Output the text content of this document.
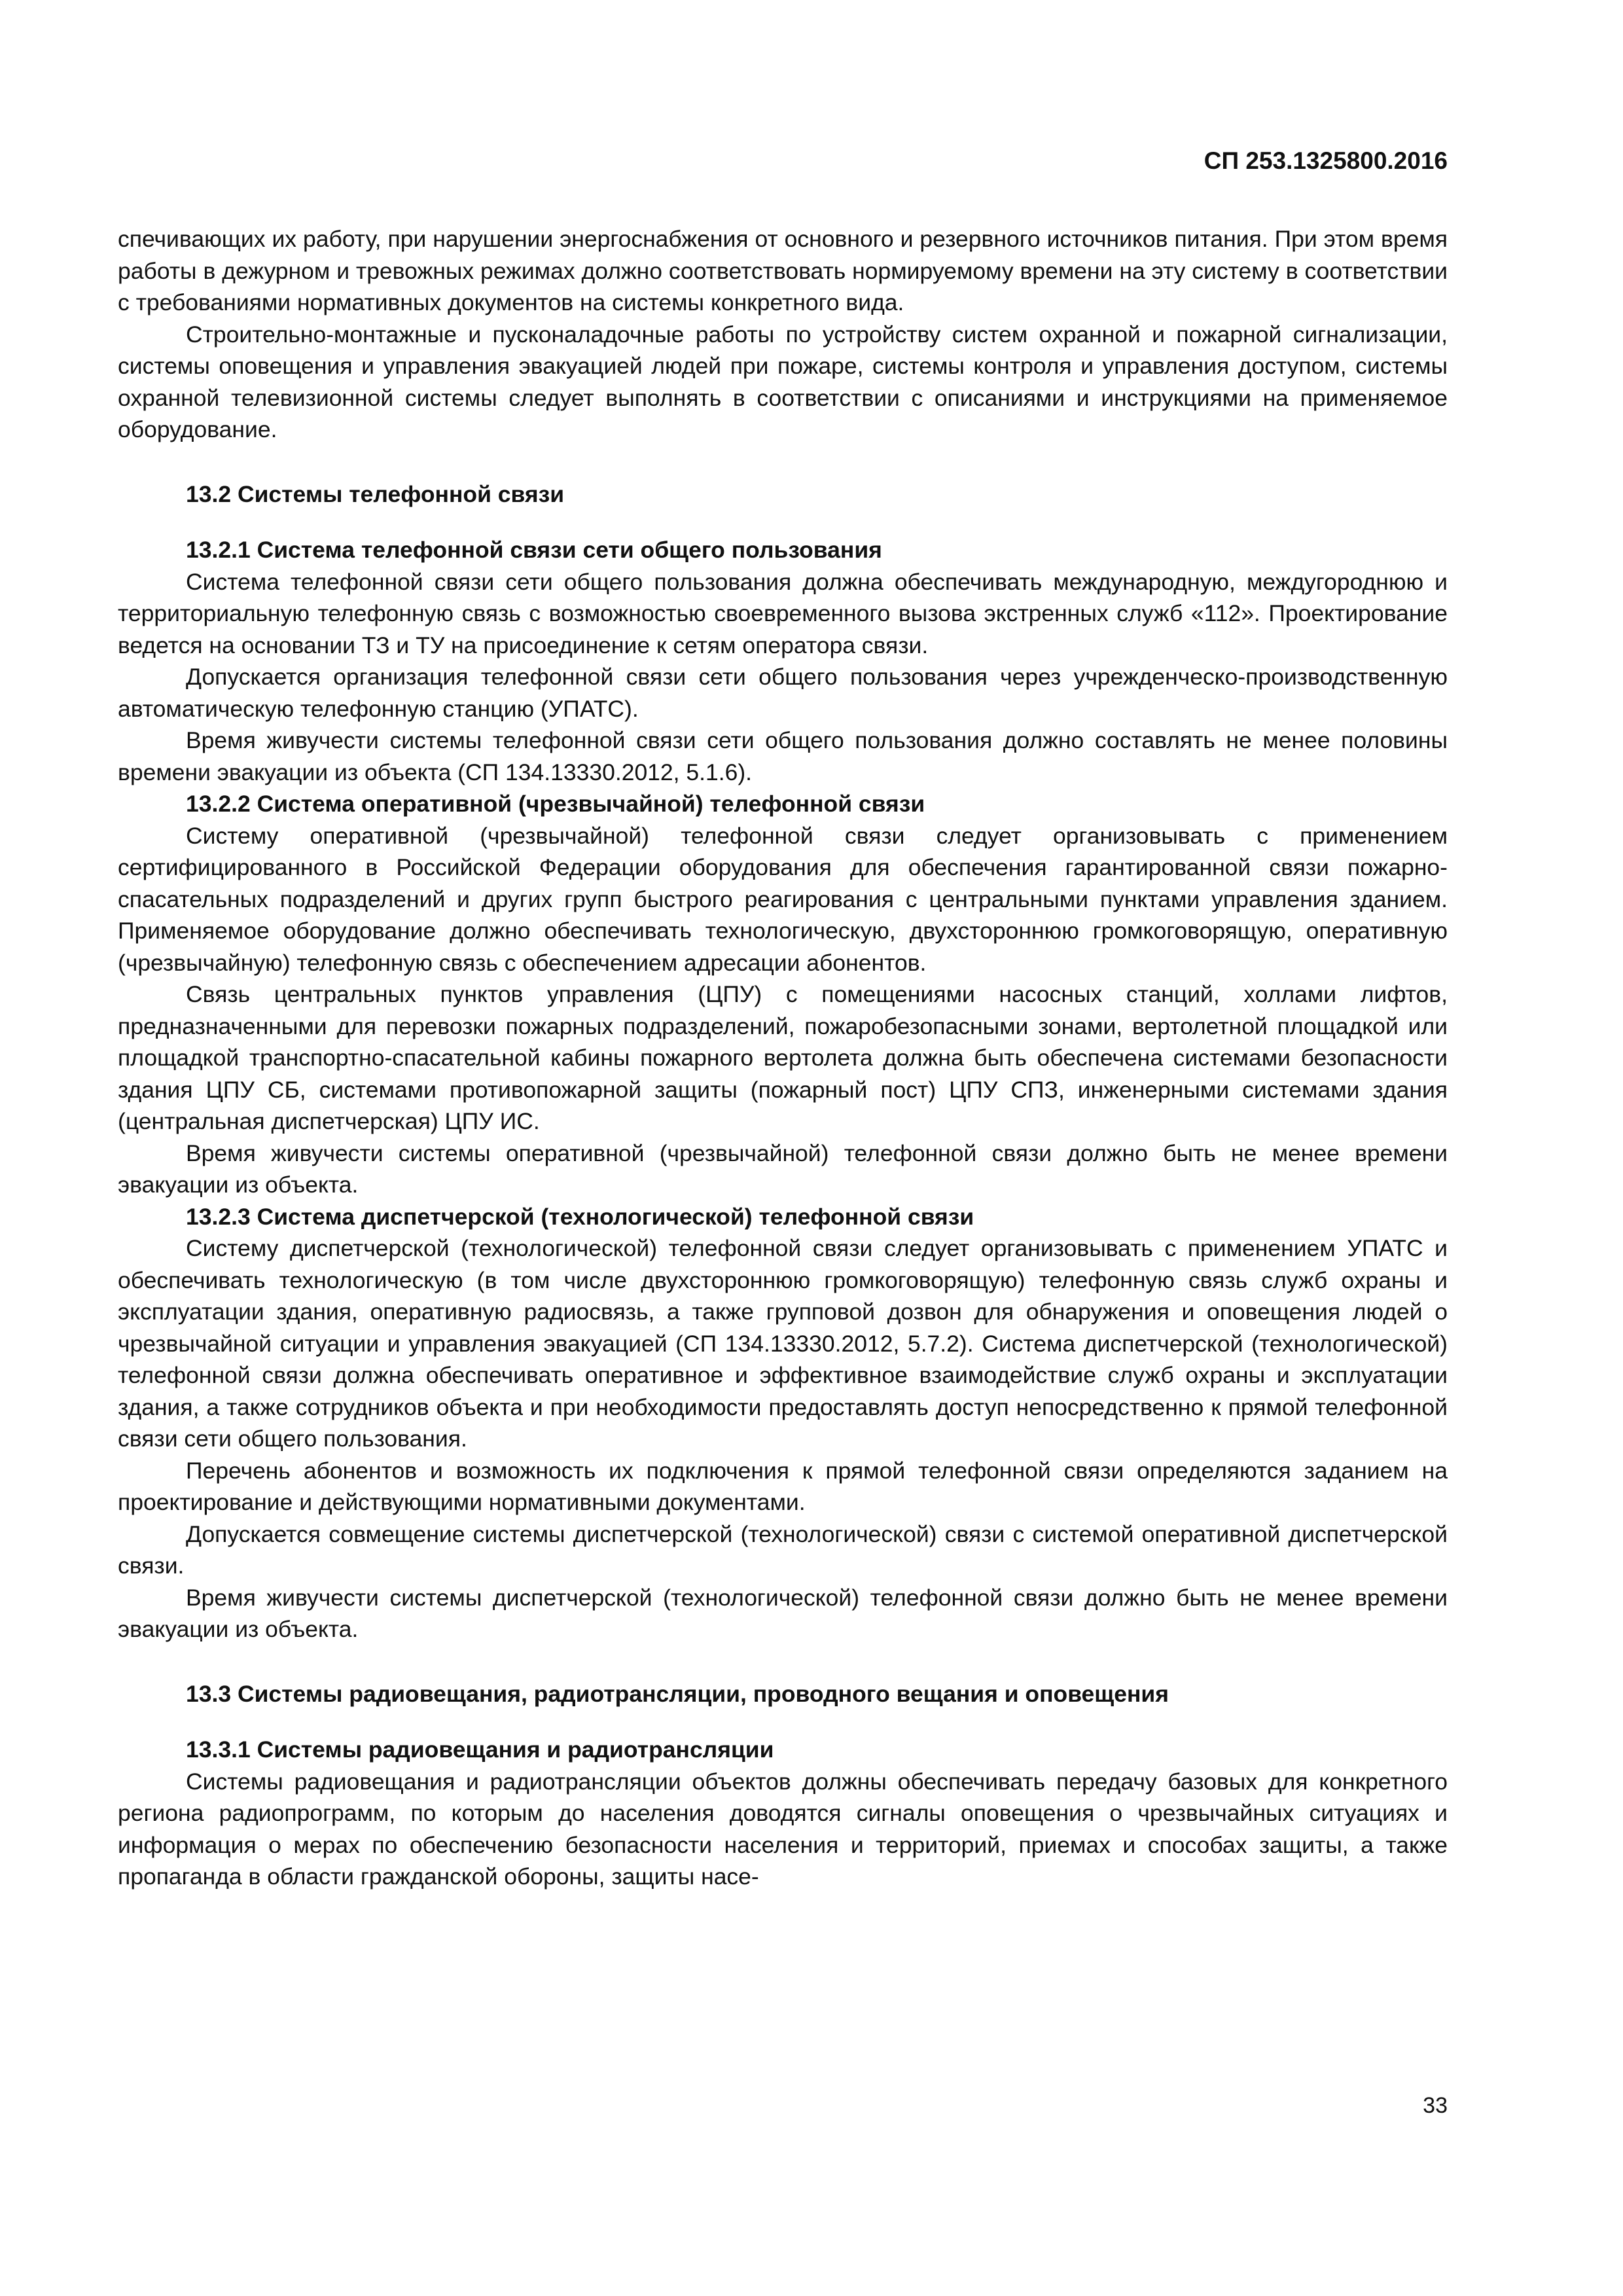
СП 253.1325800.2016

спечивающих их работу, при нарушении энергоснабжения от основного и резервного источников питания. При этом время работы в дежурном и тревожных режимах должно соответствовать нормируемому времени на эту систему в соответствии с требованиями нормативных документов на системы конкретного вида.

Строительно-монтажные и пусконаладочные работы по устройству систем охранной и пожарной сигнализации, системы оповещения и управления эвакуацией людей при пожаре, системы контроля и управления доступом, системы охранной телевизионной системы следует выполнять в соответствии с описаниями и инструкциями на применяемое оборудование.

13.2 Системы телефонной связи
13.2.1 Система телефонной связи сети общего пользования

Система телефонной связи сети общего пользования должна обеспечивать международную, междугороднюю и территориальную телефонную связь с возможностью своевременного вызова экстренных служб «112». Проектирование ведется на основании ТЗ и ТУ на присоединение к сетям оператора связи.

Допускается организация телефонной связи сети общего пользования через учрежденческо-производственную автоматическую телефонную станцию (УПАТС).

Время живучести системы телефонной связи сети общего пользования должно составлять не менее половины времени эвакуации из объекта (СП 134.13330.2012, 5.1.6).

13.2.2 Система оперативной (чрезвычайной) телефонной связи

Систему оперативной (чрезвычайной) телефонной связи следует организовывать с применением сертифицированного в Российской Федерации оборудования для обеспечения гарантированной связи пожарно-спасательных подразделений и других групп быстрого реагирования с центральными пунктами управления зданием. Применяемое оборудование должно обеспечивать технологическую, двухстороннюю громкоговорящую, оперативную (чрезвычайную) телефонную связь с обеспечением адресации абонентов.

Связь центральных пунктов управления (ЦПУ) с помещениями насосных станций, холлами лифтов, предназначенными для перевозки пожарных подразделений, пожаробезопасными зонами, вертолетной площадкой или площадкой транспортно-спасательной кабины пожарного вертолета должна быть обеспечена системами безопасности здания ЦПУ СБ, системами противопожарной защиты (пожарный пост) ЦПУ СПЗ, инженерными системами здания (центральная диспетчерская) ЦПУ ИС.

Время живучести системы оперативной (чрезвычайной) телефонной связи должно быть не менее времени эвакуации из объекта.

13.2.3 Система диспетчерской (технологической) телефонной связи

Систему диспетчерской (технологической) телефонной связи следует организовывать с применением УПАТС и обеспечивать технологическую (в том числе двухстороннюю громкоговорящую) телефонную связь служб охраны и эксплуатации здания, оперативную радиосвязь, а также групповой дозвон для обнаружения и оповещения людей о чрезвычайной ситуации и управления эвакуацией (СП 134.13330.2012, 5.7.2). Система диспетчерской (технологической) телефонной связи должна обеспечивать оперативное и эффективное взаимодействие служб охраны и эксплуатации здания, а также сотрудников объекта и при необходимости предоставлять доступ непосредственно к прямой телефонной связи сети общего пользования.

Перечень абонентов и возможность их подключения к прямой телефонной связи определяются заданием на проектирование и действующими нормативными документами.

Допускается совмещение системы диспетчерской (технологической) связи с системой оперативной диспетчерской связи.

Время живучести системы диспетчерской (технологической) телефонной связи должно быть не менее времени эвакуации из объекта.

13.3 Системы радиовещания, радиотрансляции, проводного вещания и оповещения
13.3.1 Системы радиовещания и радиотрансляции

Системы радиовещания и радиотрансляции объектов должны обеспечивать передачу базовых для конкретного региона радиопрограмм, по которым до населения доводятся сигналы оповещения о чрезвычайных ситуациях и информация о мерах по обеспечению безопасности населения и территорий, приемах и способах защиты, а также пропаганда в области гражданской обороны, защиты насе-

33
